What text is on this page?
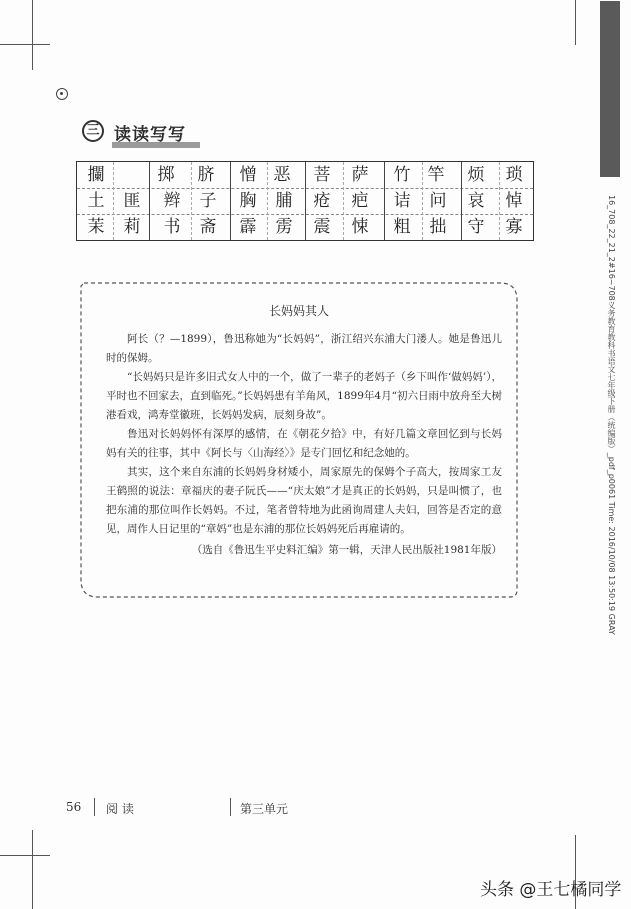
三 读读写写
攔	掷 脐 憎 恶 菩 萨 竹 竿 烦 琐
土 匪 辫 子 胸 脯 疮 疤 诘 问 哀 悼
茉 莉 书 斋 霹 雳 震 悚 粗 拙 守 寡
长妈妈其人

阿长（？—1899），鲁迅称她为“长妈妈”，浙江绍兴东浦大门溇人。她是鲁迅儿时的保姆。

“长妈妈只是许多旧式女人中的一个，做了一辈子的老妈子（乡下叫作‘做妈妈’），平时也不回家去，直到临死。”长妈妈患有羊角风，1899年4月“初六日雨中放舟至大树港看戏，鸿寿堂徽班，长妈妈发病，辰刻身故”。

鲁迅对长妈妈怀有深厚的感情，在《朝花夕拾》中，有好几篇文章回忆到与长妈妈有关的往事，其中《阿长与〈山海经〉》是专门回忆和纪念她的。

其实，这个来自东浦的长妈妈身材矮小，周家原先的保姆个子高大，按周家工友王鹤照的说法：章福庆的妻子阮氏——“庆太娘”才是真正的长妈妈，只是叫惯了，也把东浦的那位叫作长妈妈。不过，笔者曾特地为此函询周建人夫妇，回答是否定的意见，周作人日记里的“章妈”也是东浦的那位长妈妈死后再雇请的。

（选自《鲁迅生平史料汇编》第一辑，天津人民出版社1981年版）

56 阅 读	第三单元
16_708_22_21_2#16~708义务教育教科书语文七年级下册（统编版）_pdf_p0061 Time: 2016/10/08 13:50:19 GRAY
头条 @王七橘同学
